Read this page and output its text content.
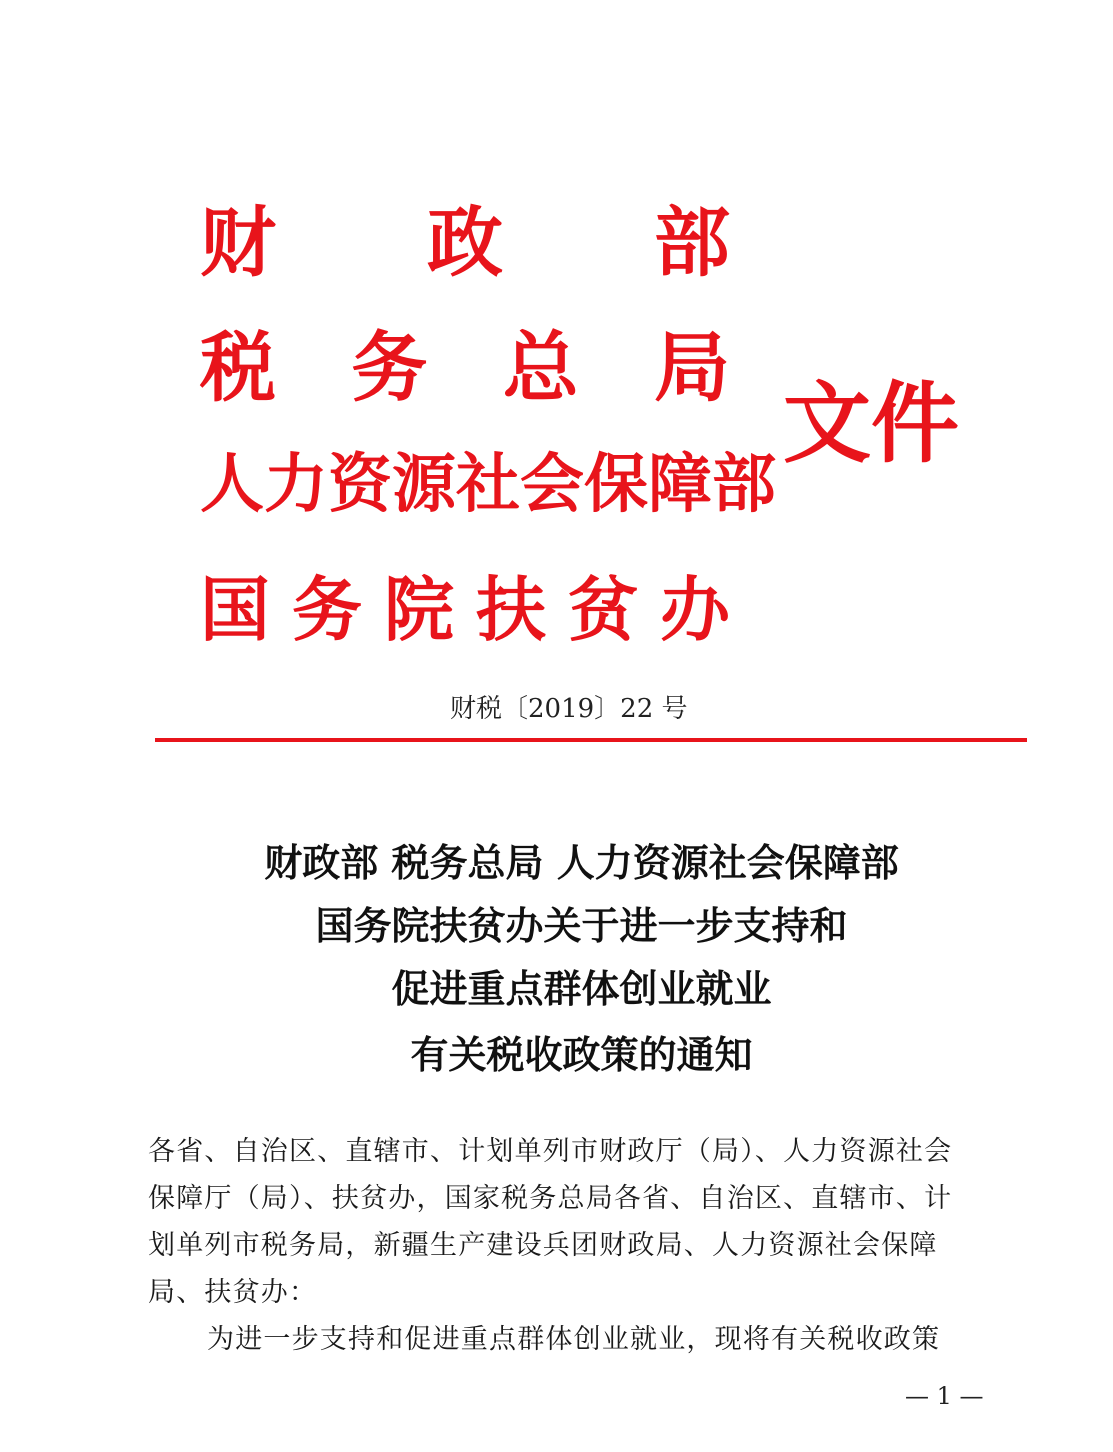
财 政 部
税 务 总 局
人力资源社会保障部
国 务 院 扶 贫 办
文件
财税〔2019〕22 号
财政部 税务总局 人力资源社会保障部
国务院扶贫办关于进一步支持和
促进重点群体创业就业
有关税收政策的通知
各省、自治区、直辖市、计划单列市财政厅（局）、人力资源社会
保障厅（局）、扶贫办，国家税务总局各省、自治区、直辖市、计
划单列市税务局，新疆生产建设兵团财政局、人力资源社会保障
局、扶贫办：
为进一步支持和促进重点群体创业就业，现将有关税收政策
— 1 —
